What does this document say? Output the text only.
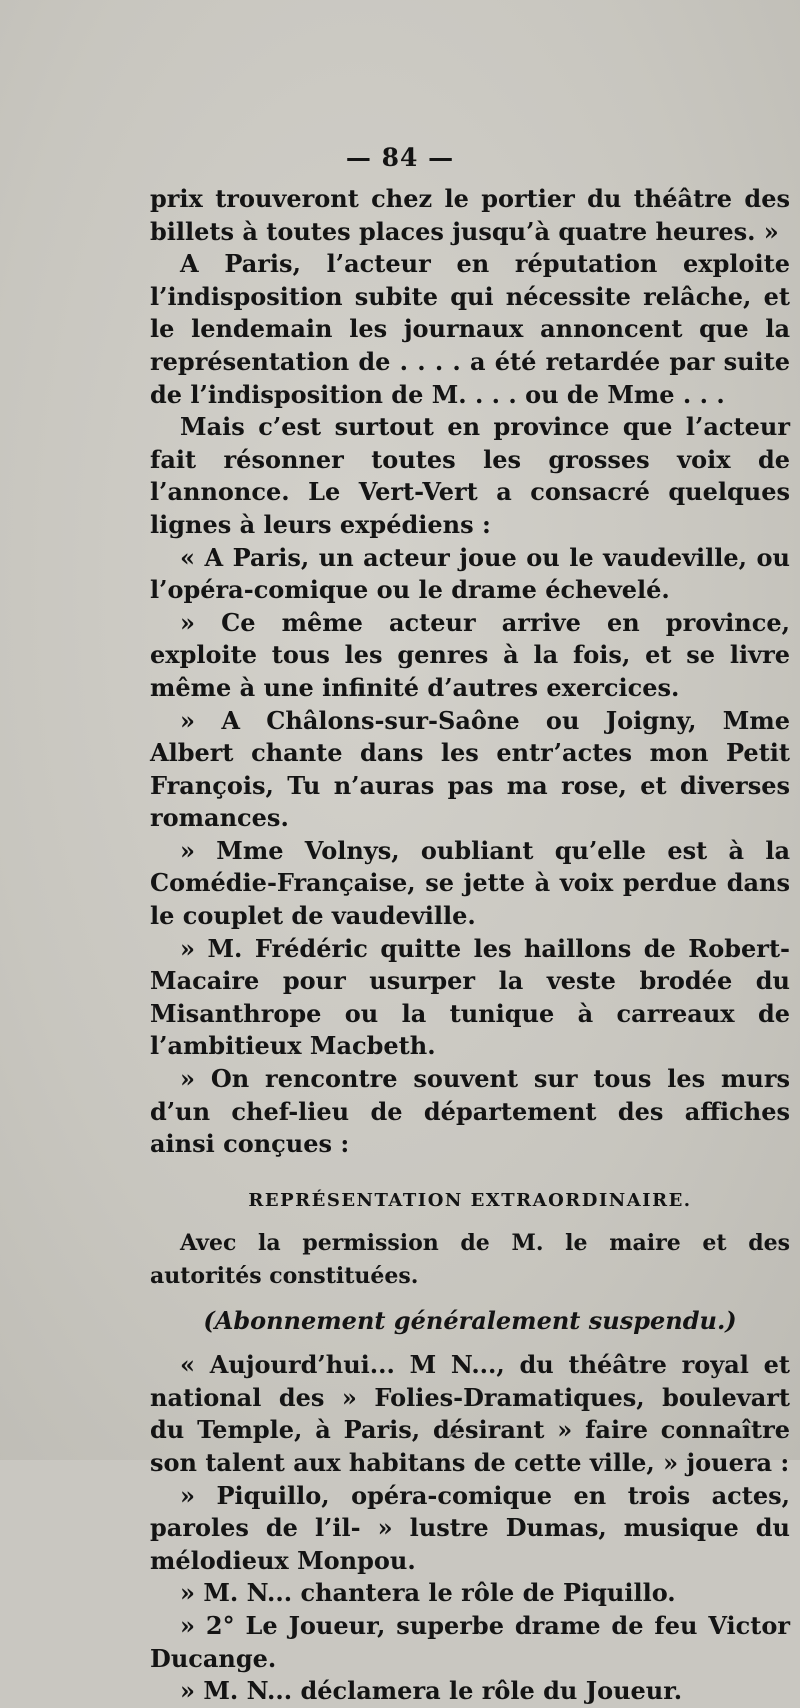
— 84 —

prix trouveront chez le portier du théâtre des billets à toutes places jusqu’à quatre heures. »

A Paris, l’acteur en réputation exploite l’indisposition subite qui nécessite relâche, et le lendemain les journaux annoncent que la représentation de . . . . a été retardée par suite de l’indisposition de M. . . . ou de Mme . . .

Mais c’est surtout en province que l’acteur fait résonner toutes les grosses voix de l’annonce. Le Vert-Vert a consacré quelques lignes à leurs expédiens :

« A Paris, un acteur joue ou le vaudeville, ou l’opéra-comique ou le drame échevelé.

» Ce même acteur arrive en province, exploite tous les genres à la fois, et se livre même à une infinité d’autres exercices.

» A Châlons-sur-Saône ou Joigny, Mme Albert chante dans les entr’actes mon Petit François, Tu n’auras pas ma rose, et diverses romances.

» Mme Volnys, oubliant qu’elle est à la Comédie-Française, se jette à voix perdue dans le couplet de vaudeville.

» M. Frédéric quitte les haillons de Robert-Macaire pour usurper la veste brodée du Misanthrope ou la tunique à carreaux de l’ambitieux Macbeth.

» On rencontre souvent sur tous les murs d’un chef-lieu de département des affiches ainsi conçues :

REPRÉSENTATION EXTRAORDINAIRE.

Avec la permission de M. le maire et des autorités constituées.

(Abonnement généralement suspendu.)

« Aujourd’hui... M N..., du théâtre royal et national des » Folies-Dramatiques, boulevart du Temple, à Paris, désirant » faire connaître son talent aux habitans de cette ville, » jouera :

» Piquillo, opéra-comique en trois actes, paroles de l’il- » lustre Dumas, musique du mélodieux Monpou.

» M. N... chantera le rôle de Piquillo.

» 2° Le Joueur, superbe drame de feu Victor Ducange.

» M. N... déclamera le rôle du Joueur.
